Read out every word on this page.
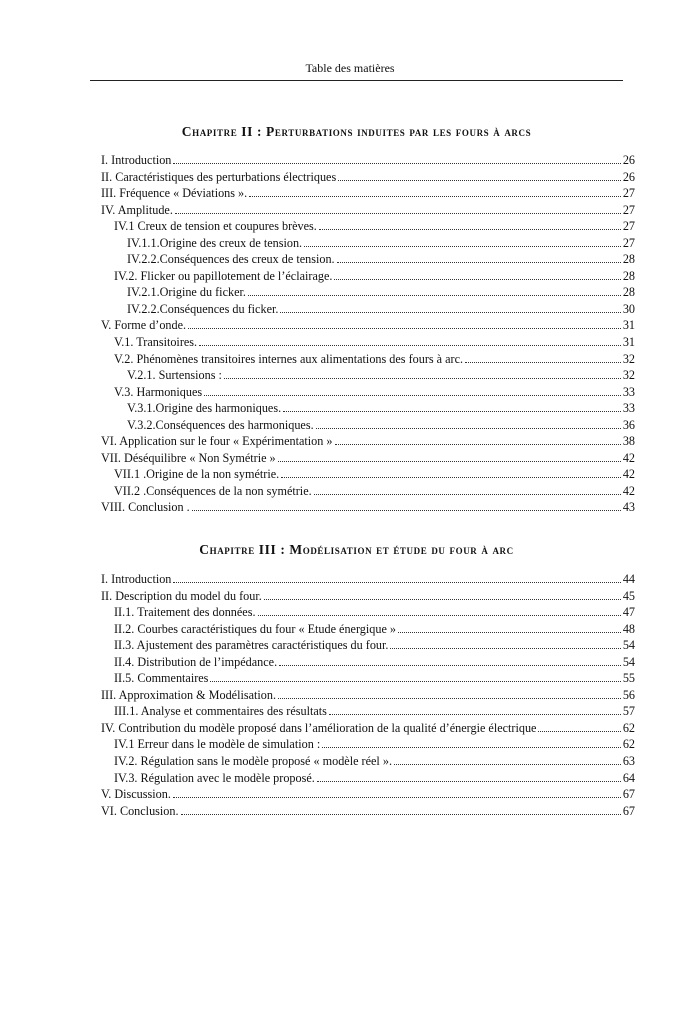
Table des matières
Chapitre II : Perturbations induites par les fours à arcs
I. Introduction	26
II. Caractéristiques des perturbations électriques	26
III. Fréquence « Déviations ».	27
IV. Amplitude.	27
IV.1 Creux de tension et coupures brèves.	27
IV.1.1.Origine des creux de tension.	27
IV.2.2.Conséquences des creux de tension.	28
IV.2. Flicker ou papillotement de l’éclairage.	28
IV.2.1.Origine du ficker.	28
IV.2.2.Conséquences du ficker.	30
V. Forme d’onde.	31
V.1. Transitoires.	31
V.2. Phénomènes transitoires internes aux alimentations des fours à arc.	32
V.2.1. Surtensions :	32
V.3. Harmoniques	33
V.3.1.Origine des harmoniques.	33
V.3.2.Conséquences des harmoniques.	36
VI. Application sur le four « Expérimentation »	38
VII. Déséquilibre « Non Symétrie »	42
VII.1 .Origine de la non symétrie.	42
VII.2 .Conséquences de la non symétrie.	42
VIII. Conclusion .	43
Chapitre III : Modélisation et étude du four à arc
I. Introduction	44
II. Description du model du four.	45
II.1. Traitement des données.	47
II.2. Courbes caractéristiques du four « Etude énergique »	48
II.3. Ajustement des paramètres caractéristiques du four.	54
II.4. Distribution de l’impédance.	54
II.5. Commentaires	55
III. Approximation & Modélisation.	56
III.1. Analyse et commentaires des résultats	57
IV. Contribution du modèle proposé dans l’amélioration de la qualité d’énergie électrique	62
IV.1 Erreur dans le modèle de simulation :	62
IV.2. Régulation sans le modèle proposé « modèle réel ».	63
IV.3. Régulation avec le modèle proposé.	64
V. Discussion.	67
VI. Conclusion.	67
